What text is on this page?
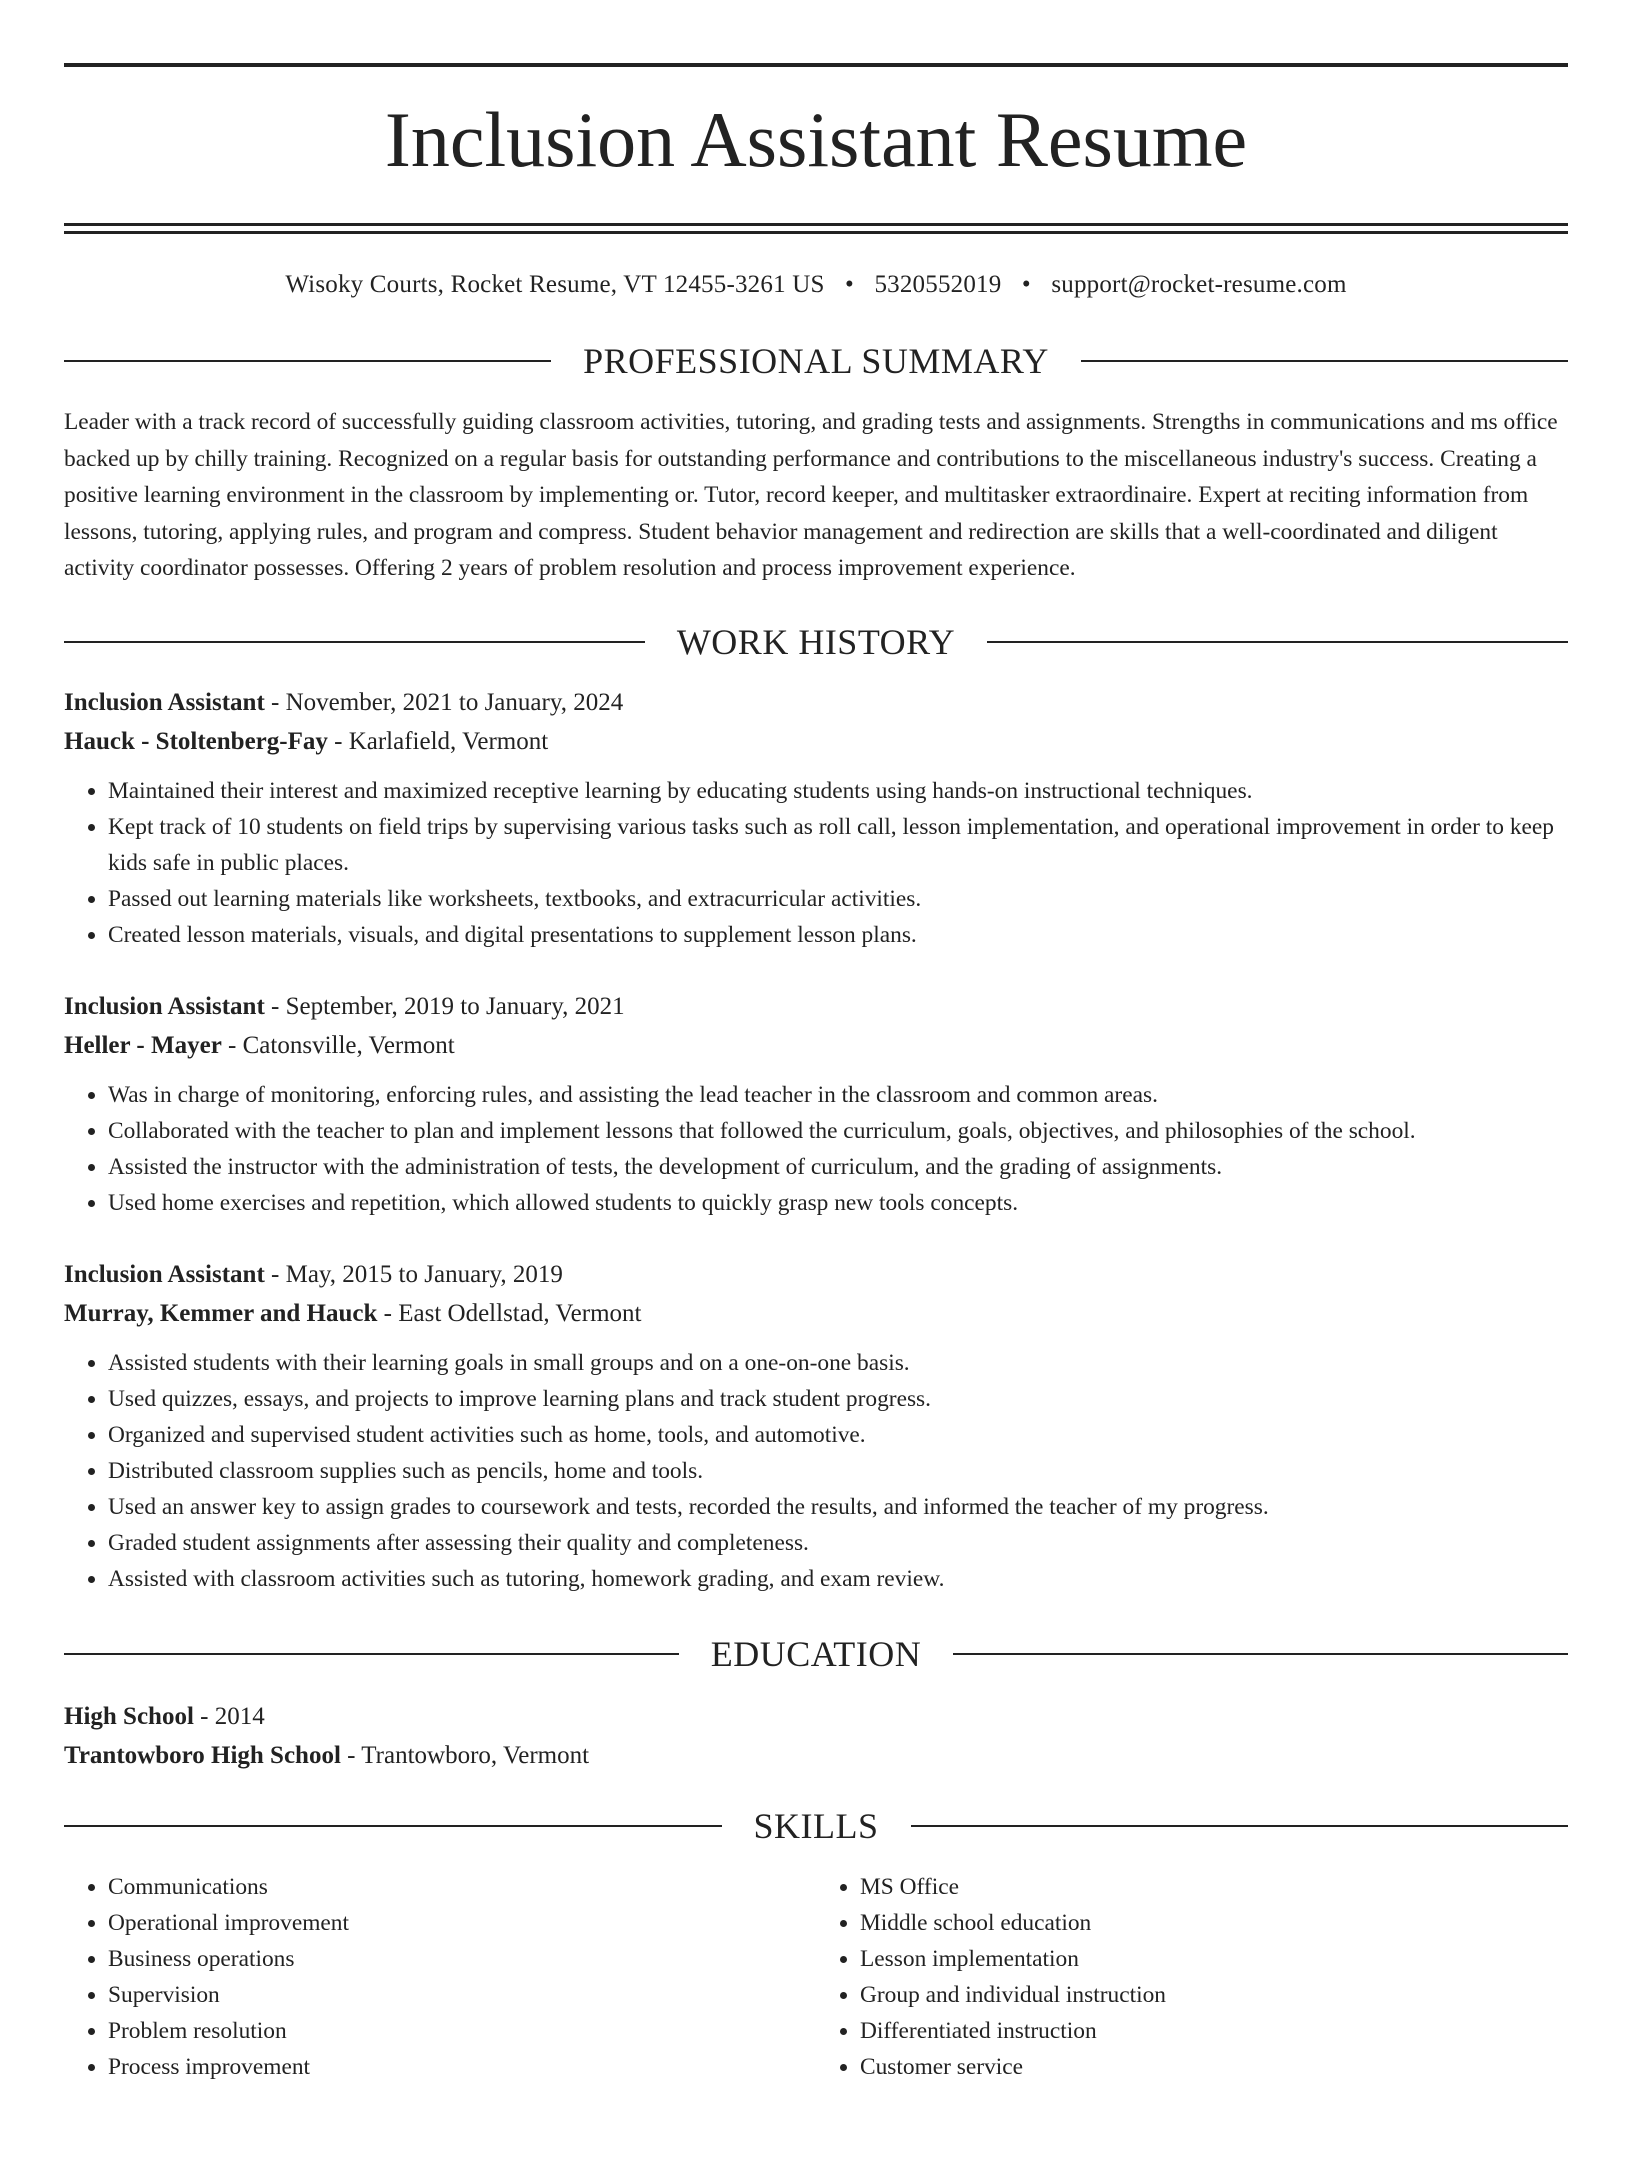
Inclusion Assistant Resume
Wisoky Courts, Rocket Resume, VT 12455-3261 US • 5320552019 • support@rocket-resume.com
PROFESSIONAL SUMMARY

Leader with a track record of successfully guiding classroom activities, tutoring, and grading tests and assignments. Strengths in communications and ms office backed up by chilly training. Recognized on a regular basis for outstanding performance and contributions to the miscellaneous industry's success. Creating a positive learning environment in the classroom by implementing or. Tutor, record keeper, and multitasker extraordinaire. Expert at reciting information from lessons, tutoring, applying rules, and program and compress. Student behavior management and redirection are skills that a well-coordinated and diligent activity coordinator possesses. Offering 2 years of problem resolution and process improvement experience.

WORK HISTORY
Inclusion Assistant - November, 2021 to January, 2024
Hauck - Stoltenberg-Fay - Karlafield, Vermont
• Maintained their interest and maximized receptive learning by educating students using hands-on instructional techniques.
• Kept track of 10 students on field trips by supervising various tasks such as roll call, lesson implementation, and operational improvement in order to keep kids safe in public places.
• Passed out learning materials like worksheets, textbooks, and extracurricular activities.
• Created lesson materials, visuals, and digital presentations to supplement lesson plans.
Inclusion Assistant - September, 2019 to January, 2021
Heller - Mayer - Catonsville, Vermont
• Was in charge of monitoring, enforcing rules, and assisting the lead teacher in the classroom and common areas.
• Collaborated with the teacher to plan and implement lessons that followed the curriculum, goals, objectives, and philosophies of the school.
• Assisted the instructor with the administration of tests, the development of curriculum, and the grading of assignments.
• Used home exercises and repetition, which allowed students to quickly grasp new tools concepts.
Inclusion Assistant - May, 2015 to January, 2019
Murray, Kemmer and Hauck - East Odellstad, Vermont
• Assisted students with their learning goals in small groups and on a one-on-one basis.
• Used quizzes, essays, and projects to improve learning plans and track student progress.
• Organized and supervised student activities such as home, tools, and automotive.
• Distributed classroom supplies such as pencils, home and tools.
• Used an answer key to assign grades to coursework and tests, recorded the results, and informed the teacher of my progress.
• Graded student assignments after assessing their quality and completeness.
• Assisted with classroom activities such as tutoring, homework grading, and exam review.
EDUCATION
High School - 2014
Trantowboro High School - Trantowboro, Vermont
SKILLS
• Communications
• Operational improvement
• Business operations
• Supervision
• Problem resolution
• Process improvement
• MS Office
• Middle school education
• Lesson implementation
• Group and individual instruction
• Differentiated instruction
• Customer service
